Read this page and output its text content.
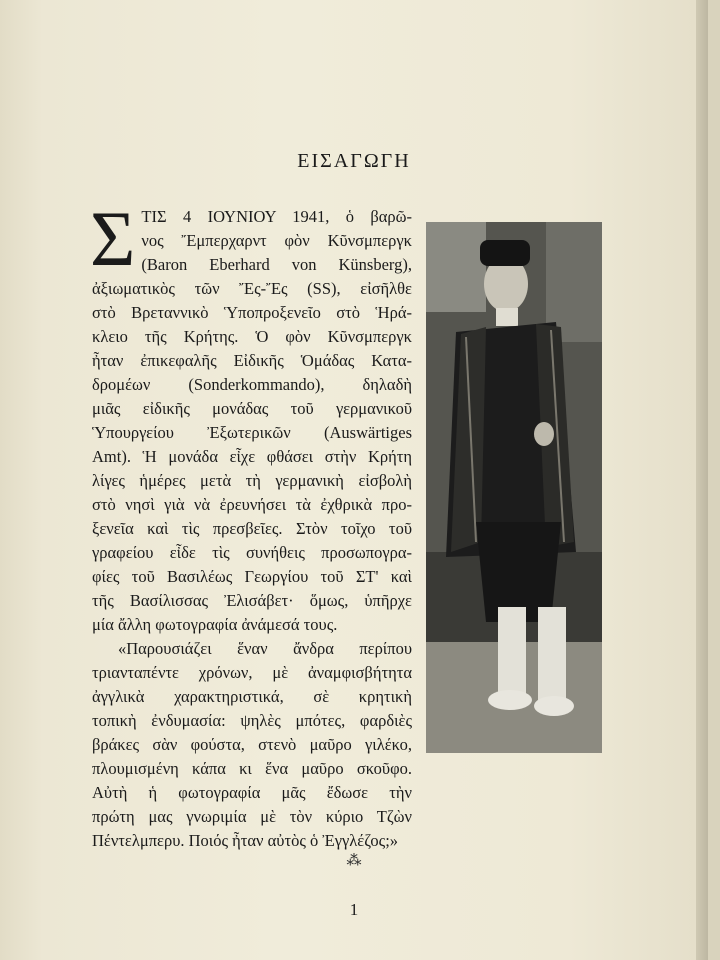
ΕΙΣΑΓΩΓΗ
Σ ΤΙΣ 4 ΙΟΥΝΙΟΥ 1941, ὁ βαρῶ-
νος Ἔμπερχαρντ φὸν Κῦνσμπεργκ
(Baron Eberhard von Künsberg),
ἀξιωματικὸς τῶν Ἔς-Ἔς (SS), εἰσῆλθε
στὸ Βρεταννικὸ Ὑποπροξενεῖο στὸ Ἡρά-
κλειο τῆς Κρήτης. Ὁ φὸν Κῦνσμπεργκ
ἦταν ἐπικεφαλῆς Εἰδικῆς Ὁμάδας Κατα-
δρομέων (Sonderkommando), δηλαδὴ
μιᾶς εἰδικῆς μονάδας τοῦ γερμανικοῦ
Ὑπουργείου Ἐξωτερικῶν (Auswärtiges
Amt). Ἡ μονάδα εἶχε φθάσει στὴν Κρήτη
λίγες ἡμέρες μετὰ τὴ γερμανικὴ εἰσβολὴ
στὸ νησὶ γιὰ νὰ ἐρευνήσει τὰ ἐχθρικὰ προ-
ξενεῖα καὶ τὶς πρεσβεῖες. Στὸν τοῖχο τοῦ
γραφείου εἶδε τὶς συνήθεις προσωπογρα-
φίες τοῦ Βασιλέως Γεωργίου τοῦ ΣΤ' καὶ
τῆς Βασίλισσας Ἐλισάβετ· ὅμως, ὑπῆρχε
μία ἄλλη φωτογραφία ἀνάμεσά τους.
«Παρουσιάζει ἕναν ἄνδρα περίπου
τριανταπέντε χρόνων, μὲ ἀναμφισβήτητα
ἀγγλικὰ χαρακτηριστικά, σὲ κρητικὴ
τοπικὴ ἐνδυμασία: ψηλὲς μπότες, φαρδιὲς
βράκες σὰν φούστα, στενὸ μαῦρο γιλέκο,
πλουμισμένη κάπα κι ἕνα μαῦρο σκοῦφο.
Αὐτὴ ἡ φωτογραφία μᾶς ἔδωσε τὴν
πρώτη μας γνωριμία μὲ τὸν κύριο Τζὼν
Πέντελμπερυ. Ποιός ἦταν αὐτὸς ὁ Ἐγγλέζος;»
⁂
1
